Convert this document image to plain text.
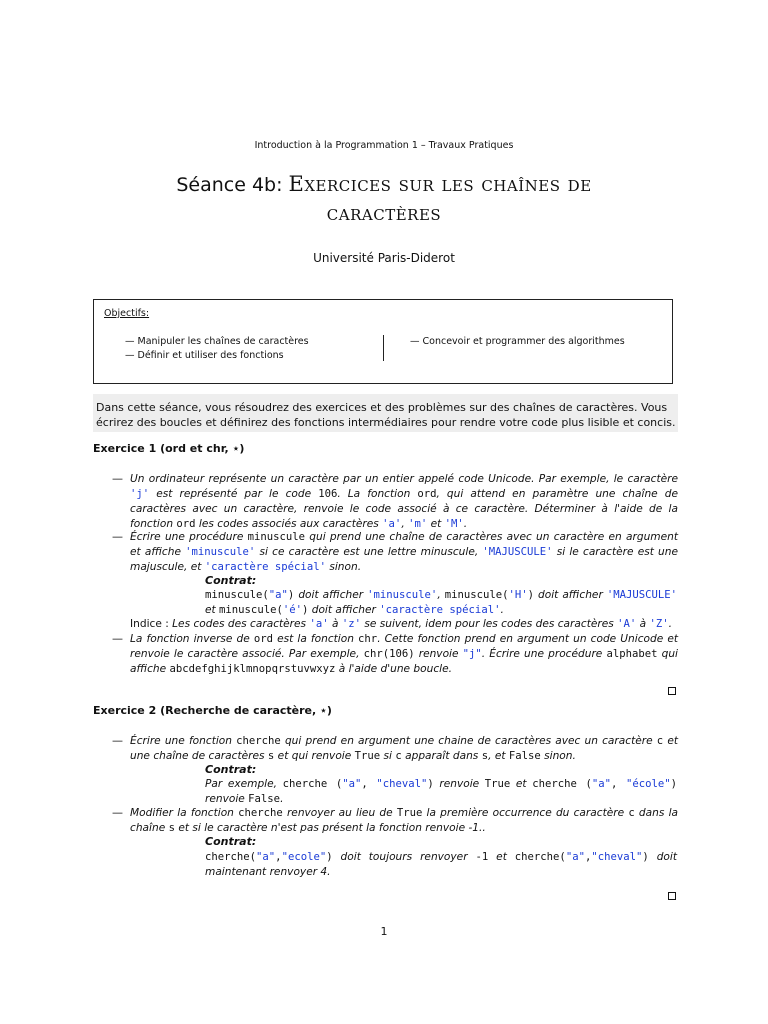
Introduction à la Programmation 1 – Travaux Pratiques
Séance 4b: Exercices sur les chaînes de
caractères
Université Paris-Diderot
Objectifs:
— Manipuler les chaînes de caractères
— Définir et utiliser des fonctions
— Concevoir et programmer des algorithmes
Dans cette séance, vous résoudrez des exercices et des problèmes sur des chaînes de caractères. Vous écrirez des boucles et définirez des fonctions intermédiaires pour rendre votre code plus lisible et concis.
Exercice 1 (ord et chr, ⋆)
— Un ordinateur représente un caractère par un entier appelé code Unicode. Par exemple, le caractère 'j' est représenté par le code 106. La fonction ord, qui attend en paramètre une chaîne de caractères avec un caractère, renvoie le code associé à ce caractère. Déterminer à l'aide de la fonction ord les codes associés aux caractères 'a', 'm' et 'M'.
— Écrire une procédure minuscule qui prend une chaîne de caractères avec un caractère en argument et affiche 'minuscule' si ce caractère est une lettre minuscule, 'MAJUSCULE' si le caractère est une majuscule, et 'caractère spécial' sinon.
Contrat:
minuscule("a") doit afficher 'minuscule', minuscule('H') doit afficher 'MAJUSCULE' et minuscule('é') doit afficher 'caractère spécial'.
Indice : Les codes des caractères 'a' à 'z' se suivent, idem pour les codes des caractères 'A' à 'Z'.
— La fonction inverse de ord est la fonction chr. Cette fonction prend en argument un code Unicode et renvoie le caractère associé. Par exemple, chr(106) renvoie "j". Écrire une procédure alphabet qui affiche abcdefghijklmnopqrstuvwxyz à l'aide d'une boucle.
Exercice 2 (Recherche de caractère, ⋆)
— Écrire une fonction cherche qui prend en argument une chaine de caractères avec un caractère c et une chaîne de caractères s et qui renvoie True si c apparaît dans s, et False sinon.
Contrat:
Par exemple, cherche ("a", "cheval") renvoie True et cherche ("a", "école") renvoie False.
— Modifier la fonction cherche renvoyer au lieu de True la première occurrence du caractère c dans la chaîne s et si le caractère n'est pas présent la fonction renvoie -1..
Contrat:
cherche("a","ecole") doit toujours renvoyer -1 et cherche("a","cheval") doit maintenant renvoyer 4.
1
